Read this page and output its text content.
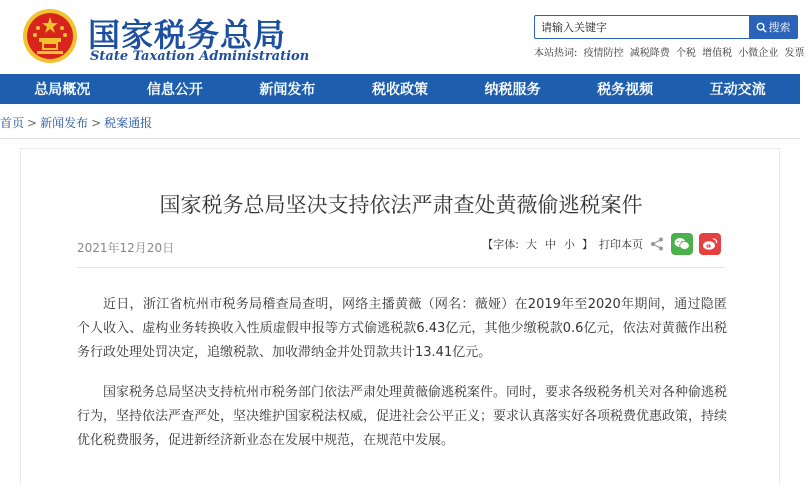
国家税务总局
State Taxation Administration
请输入关键字
搜索
本站热词: 疫情防控 减税降费 个税 增值税 小微企业 发票
总局概况	信息公开	新闻发布	税收政策	纳税服务	税务视频	互动交流
首页 > 新闻发布 > 税案通报
国家税务总局坚决支持依法严肃查处黄薇偷逃税案件
2021年12月20日	【字体: 大 中 小 】 打印本页

近日，浙江省杭州市税务局稽查局查明，网络主播黄薇（网名：薇娅）在2019年至2020年期间，通过隐匿个人收入、虚构业务转换收入性质虚假申报等方式偷逃税款6.43亿元，其他少缴税款0.6亿元，依法对黄薇作出税务行政处理处罚决定，追缴税款、加收滞纳金并处罚款共计13.41亿元。

国家税务总局坚决支持杭州市税务部门依法严肃处理黄薇偷逃税案件。同时，要求各级税务机关对各种偷逃税行为，坚持依法严查严处，坚决维护国家税法权威，促进社会公平正义；要求认真落实好各项税费优惠政策，持续优化税费服务，促进新经济新业态在发展中规范，在规范中发展。
